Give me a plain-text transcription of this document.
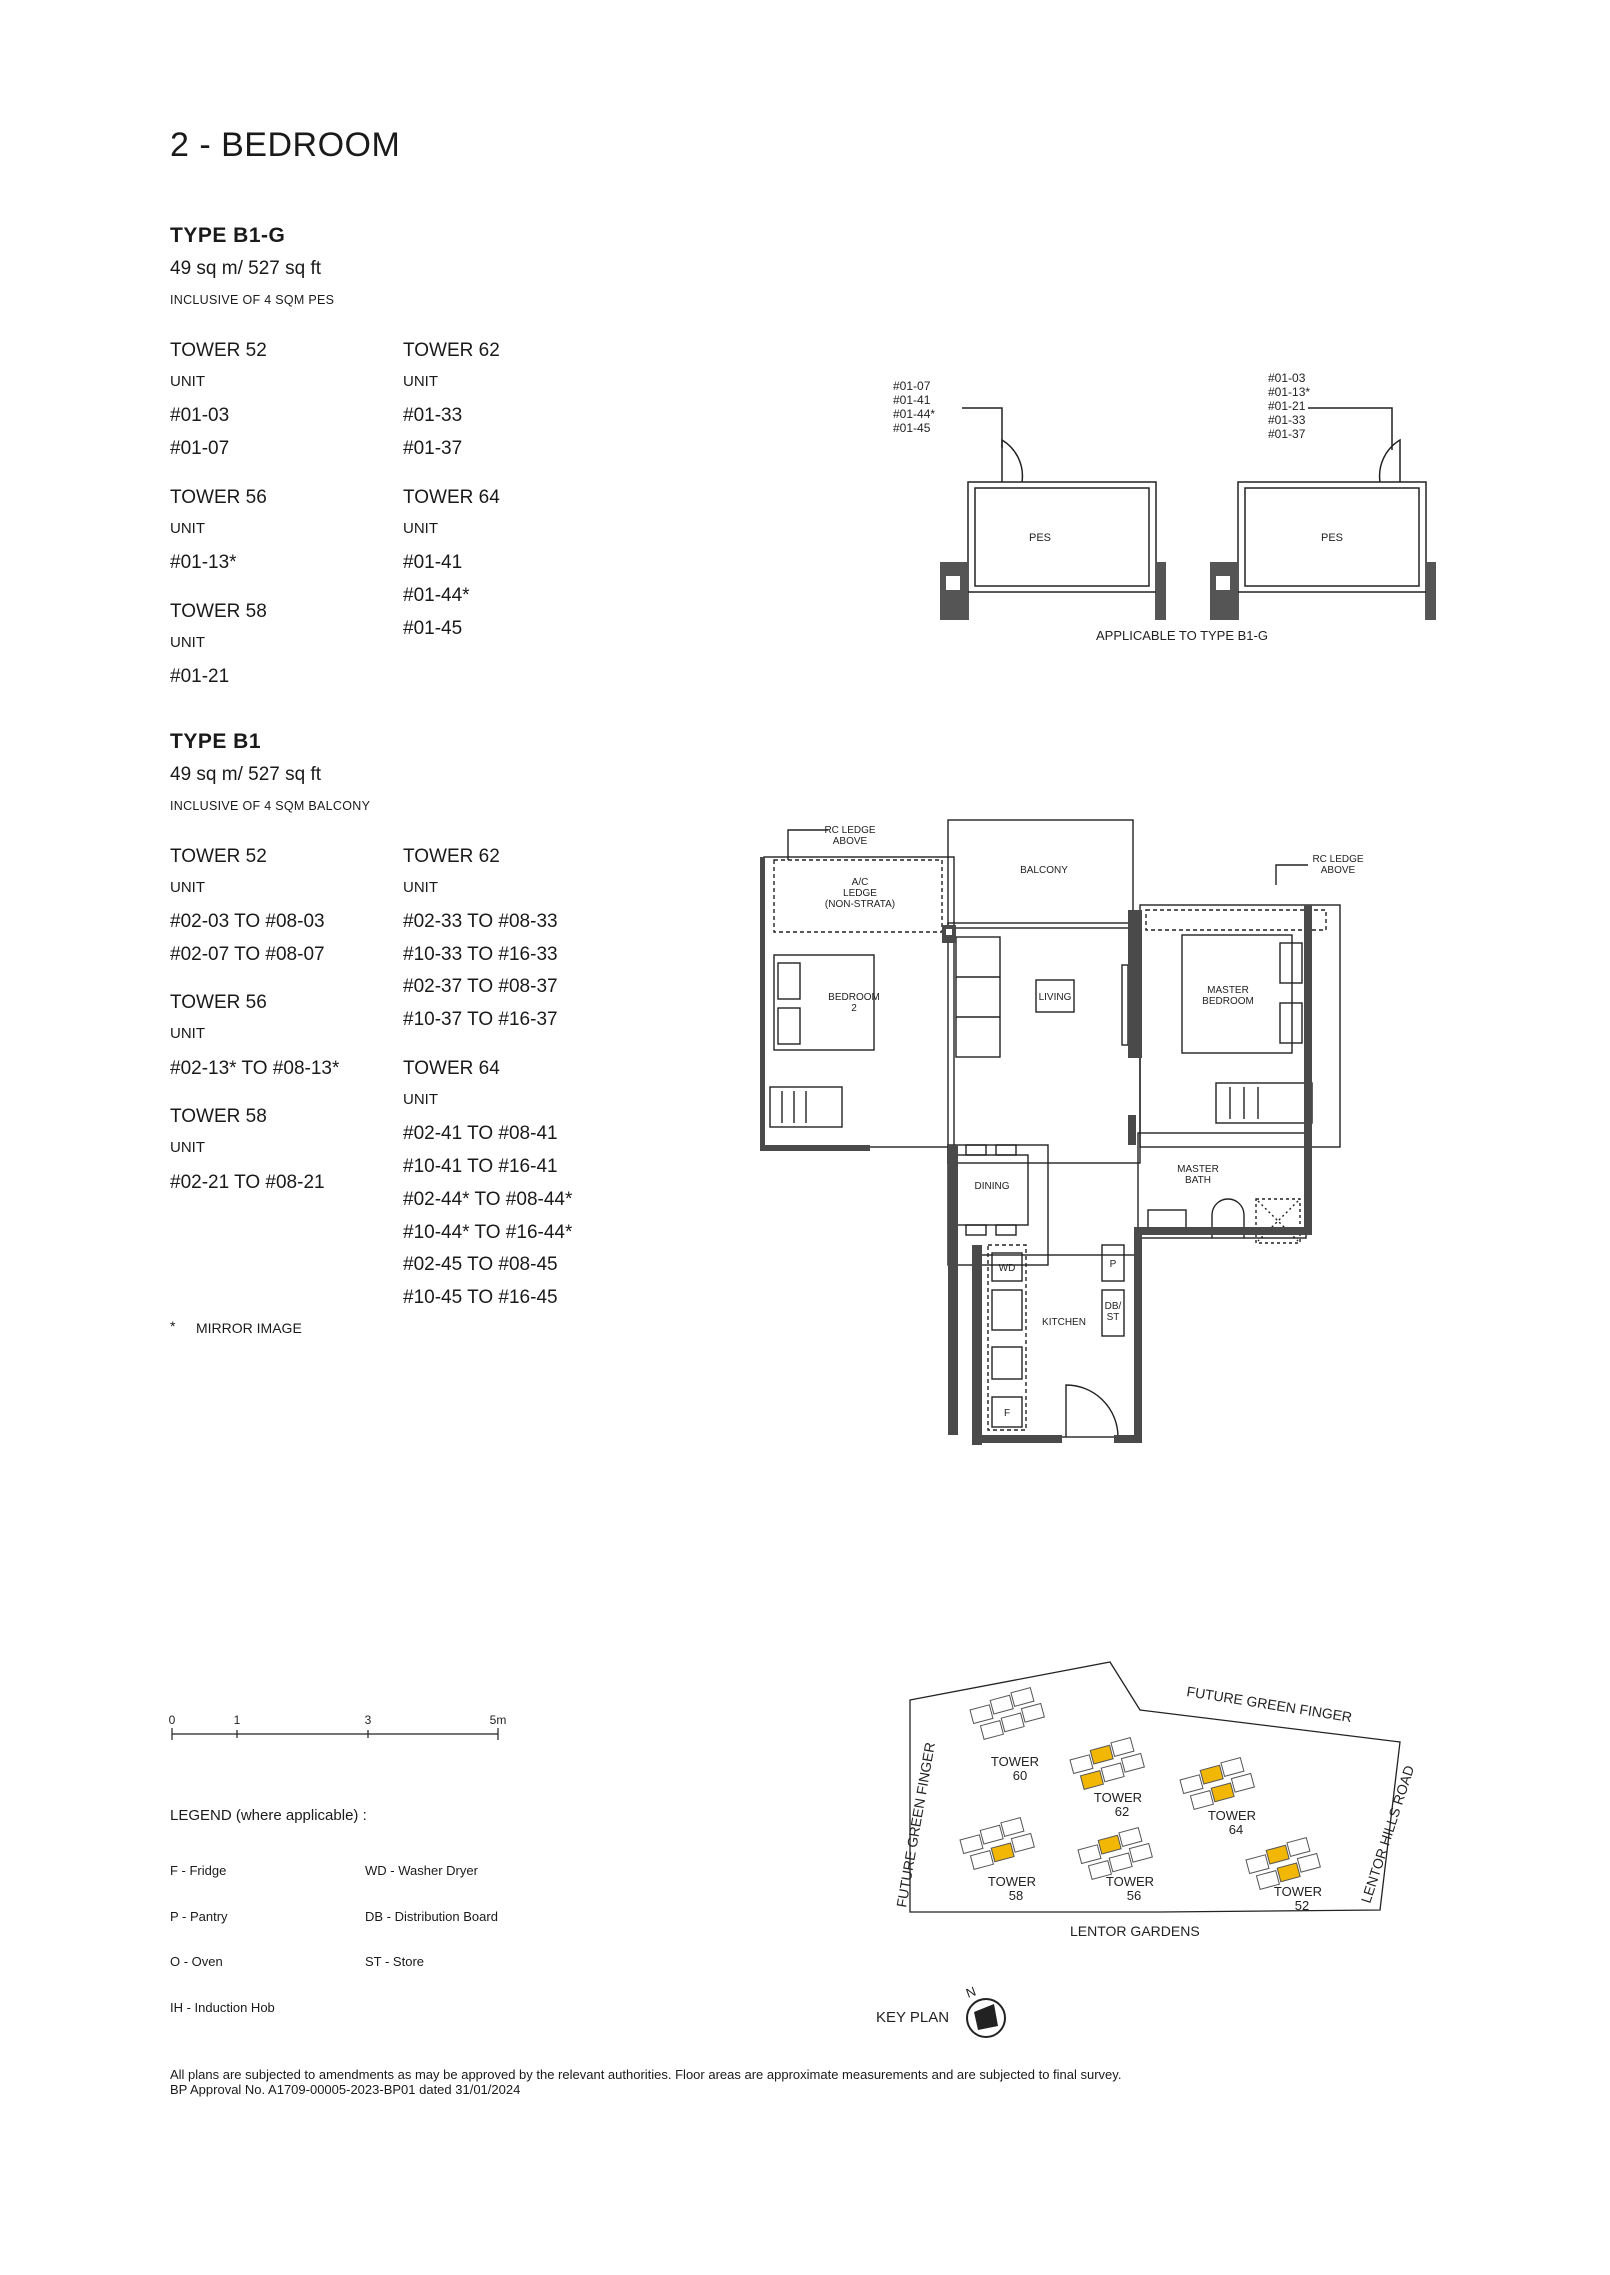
2 - BEDROOM
TYPE B1-G
49 sq m/ 527 sq ft
INCLUSIVE OF 4 SQM PES
TOWER 52
UNIT
#01-03
#01-07
TOWER 56
UNIT
#01-13*
TOWER 58
UNIT
#01-21
TOWER 62
UNIT
#01-33
#01-37
TOWER 64
UNIT
#01-41
#01-44*
#01-45
TYPE B1
49 sq m/ 527 sq ft
INCLUSIVE OF 4 SQM BALCONY
TOWER 52
UNIT
#02-03 TO #08-03
#02-07 TO #08-07
TOWER 56
UNIT
#02-13* TO #08-13*
TOWER 58
UNIT
#02-21 TO #08-21
TOWER 62
UNIT
#02-33 TO #08-33
#10-33 TO #16-33
#02-37 TO #08-37
#10-37 TO #16-37
TOWER 64
UNIT
#02-41 TO #08-41
#10-41 TO #16-41
#02-44* TO #08-44*
#10-44* TO #16-44*
#02-45 TO #08-45
#10-45 TO #16-45
* MIRROR IMAGE
#01-07
#01-41
#01-44*
#01-45
#01-03
#01-13*
#01-21
#01-33
#01-37
PES	PES
APPLICABLE TO TYPE B1-G
RC LEDGE
ABOVE
RC LEDGE
ABOVE
A/C
LEDGE
(NON-STRATA)
BALCONY
BEDROOM
2
LIVING
MASTER
BEDROOM
MASTER
BATH
DINING
KITCHEN
WD	P
DB/
ST
F
0	1	3	5m
LEGEND (where applicable) :
F - Fridge	WD - Washer Dryer
P - Pantry	DB - Distribution Board
O - Oven	ST - Store
IH - Induction Hob
TOWER
60
TOWER
62	TOWER
64
TOWER
58
TOWER
56	TOWER
52
FUTURE GREEN FINGER
FUTURE GREEN FINGER	LENTOR HILLS ROAD
LENTOR GARDENS
KEY PLAN
N
All plans are subjected to amendments as may be approved by the relevant authorities. Floor areas are approximate measurements and are subjected to final survey.
BP Approval No. A1709-00005-2023-BP01 dated 31/01/2024
